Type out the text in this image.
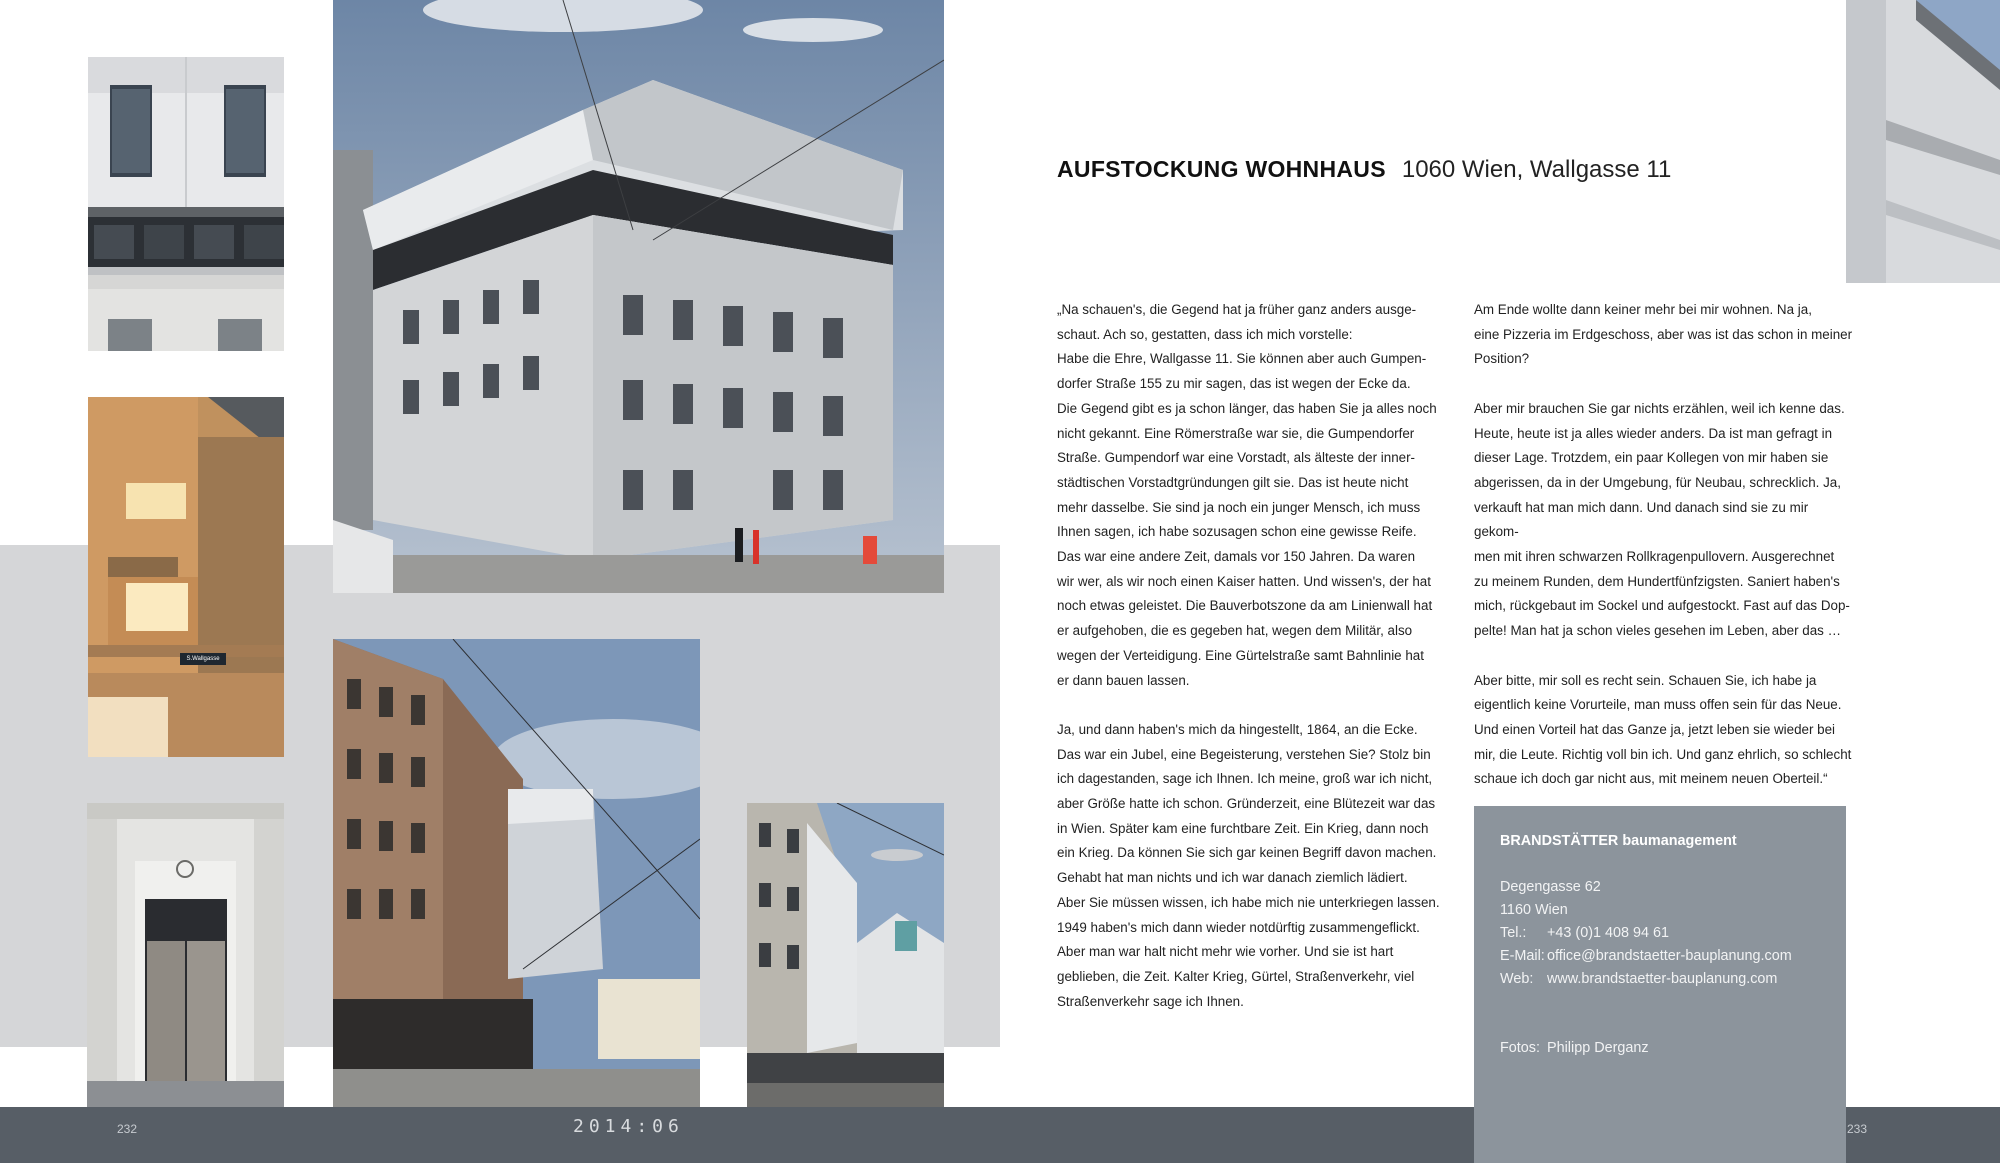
S.Wallgasse
AUFSTOCKUNG WOHNHAUS 1060 Wien, Wallgasse 11

„Na schauen's, die Gegend hat ja früher ganz anders ausge-

schaut. Ach so, gestatten, dass ich mich vorstelle:

Habe die Ehre, Wallgasse 11. Sie können aber auch Gumpen-

dorfer Straße 155 zu mir sagen, das ist wegen der Ecke da.

Die Gegend gibt es ja schon länger, das haben Sie ja alles noch

nicht gekannt. Eine Römerstraße war sie, die Gumpendorfer

Straße. Gumpendorf war eine Vorstadt, als älteste der inner-

städtischen Vorstadtgründungen gilt sie. Das ist heute nicht

mehr dasselbe. Sie sind ja noch ein junger Mensch, ich muss

Ihnen sagen, ich habe sozusagen schon eine gewisse Reife.

Das war eine andere Zeit, damals vor 150 Jahren. Da waren

wir wer, als wir noch einen Kaiser hatten. Und wissen's, der hat

noch etwas geleistet. Die Bauverbotszone da am Linienwall hat

er aufgehoben, die es gegeben hat, wegen dem Militär, also

wegen der Verteidigung. Eine Gürtelstraße samt Bahnlinie hat

er dann bauen lassen.

Ja, und dann haben's mich da hingestellt, 1864, an die Ecke.

Das war ein Jubel, eine Begeisterung, verstehen Sie? Stolz bin

ich dagestanden, sage ich Ihnen. Ich meine, groß war ich nicht,

aber Größe hatte ich schon. Gründerzeit, eine Blütezeit war das

in Wien. Später kam eine furchtbare Zeit. Ein Krieg, dann noch

ein Krieg. Da können Sie sich gar keinen Begriff davon machen.

Gehabt hat man nichts und ich war danach ziemlich lädiert.

Aber Sie müssen wissen, ich habe mich nie unterkriegen lassen.

1949 haben's mich dann wieder notdürftig zusammengeflickt.

Aber man war halt nicht mehr wie vorher. Und sie ist hart

geblieben, die Zeit. Kalter Krieg, Gürtel, Straßenverkehr, viel

Straßenverkehr sage ich Ihnen.

Am Ende wollte dann keiner mehr bei mir wohnen. Na ja,

eine Pizzeria im Erdgeschoss, aber was ist das schon in meiner

Position?

Aber mir brauchen Sie gar nichts erzählen, weil ich kenne das.

Heute, heute ist ja alles wieder anders. Da ist man gefragt in

dieser Lage. Trotzdem, ein paar Kollegen von mir haben sie

abgerissen, da in der Umgebung, für Neubau, schrecklich. Ja,

verkauft hat man mich dann. Und danach sind sie zu mir gekom-

men mit ihren schwarzen Rollkragenpullovern. Ausgerechnet

zu meinem Runden, dem Hundertfünfzigsten. Saniert haben's

mich, rückgebaut im Sockel und aufgestockt. Fast auf das Dop-

pelte! Man hat ja schon vieles gesehen im Leben, aber das …

Aber bitte, mir soll es recht sein. Schauen Sie, ich habe ja

eigentlich keine Vorurteile, man muss offen sein für das Neue.

Und einen Vorteil hat das Ganze ja, jetzt leben sie wieder bei

mir, die Leute. Richtig voll bin ich. Und ganz ehrlich, so schlecht

schaue ich doch gar nicht aus, mit meinem neuen Oberteil.“

BRANDSTÄTTER baumanagement
Degengasse 62
1160 Wien
Tel.: +43 (0)1 408 94 61
E-Mail: office@brandstaetter-bauplanung.com
Web: www.brandstaetter-bauplanung.com
Fotos: Philipp Derganz
232	2014:06	233
